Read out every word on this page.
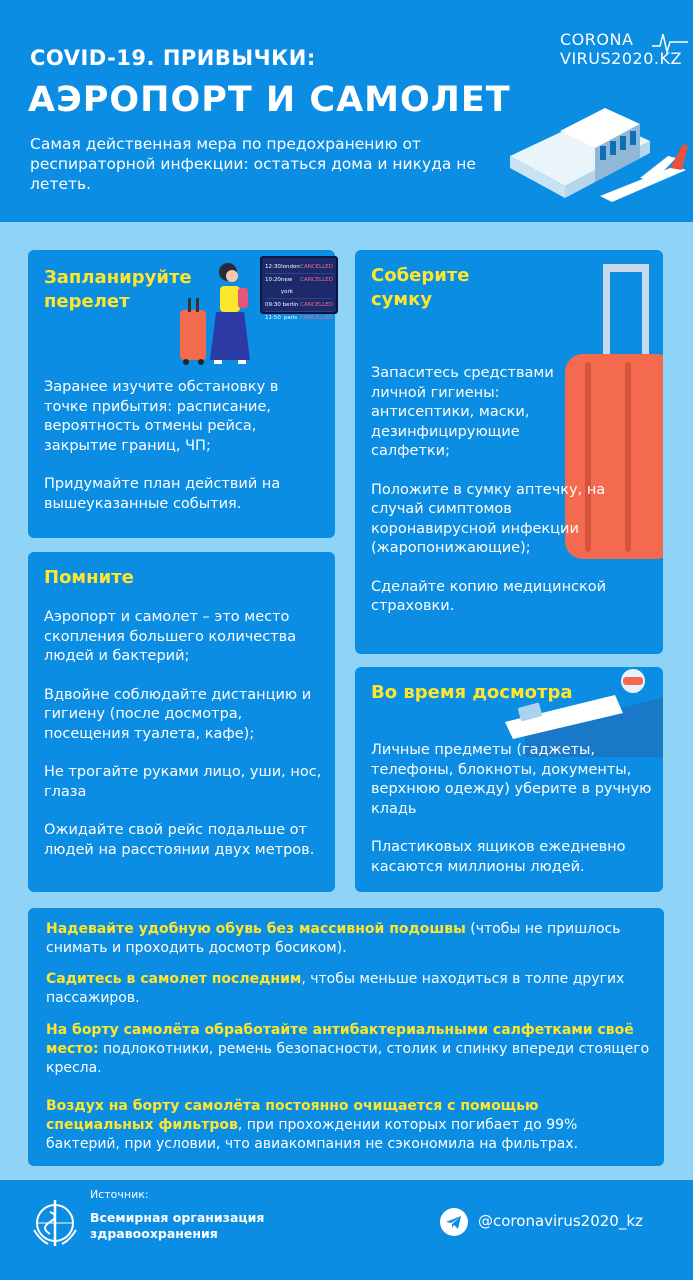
COVID-19. ПРИВЫЧКИ:
АЭРОПОРТ И САМОЛЕТ
Самая действенная мера по предохранению от респираторной инфекции: остаться дома и никуда не лететь.
CORONA
VIRUS2020.KZ
Запланируйте перелет
12:30 london CANCELLED
10:20 new york
CANCELLED
09:30 berlin CANCELLED
11:50 paris CANCELLED

Заранее изучите обстановку в точке прибытия: расписание, вероятность отмены рейса, закрытие границ, ЧП;

Придумайте план действий на вышеуказанные события.

Соберите сумку

Запаситесь средствами личной гигиены: антисептики, маски, дезинфицирующие салфетки;

Положите в сумку аптечку, на случай симптомов коронавирусной инфекции (жаропонижающие);

Сделайте копию медицинской страховки.

Помните

Аэропорт и самолет – это место скопления большего количества людей и бактерий;

Вдвойне соблюдайте дистанцию и гигиену (после досмотра, посещения туалета, кафе);

Не трогайте руками лицо, уши, нос, глаза

Ожидайте свой рейс подальше от людей на расстоянии двух метров.

Во время досмотра

Личные предметы (гаджеты, телефоны, блокноты, документы, верхнюю одежду) уберите в ручную кладь

Пластиковых ящиков ежедневно касаются миллионы людей.

Надевайте удобную обувь без массивной подошвы (чтобы не пришлось снимать и проходить досмотр босиком).
Садитесь в самолет последним, чтобы меньше находиться в толпе других пассажиров.
На борту самолёта обработайте антибактериальными салфетками своё место: подлокотники, ремень безопасности, столик и спинку впереди стоящего кресла.
Воздух на борту самолёта постоянно очищается с помощью специальных фильтров, при прохождении которых погибает до 99% бактерий, при условии, что авиакомпания не сэкономила на фильтрах.
Источник:
Всемирная организация
здравоохранения
@coronavirus2020_kz
